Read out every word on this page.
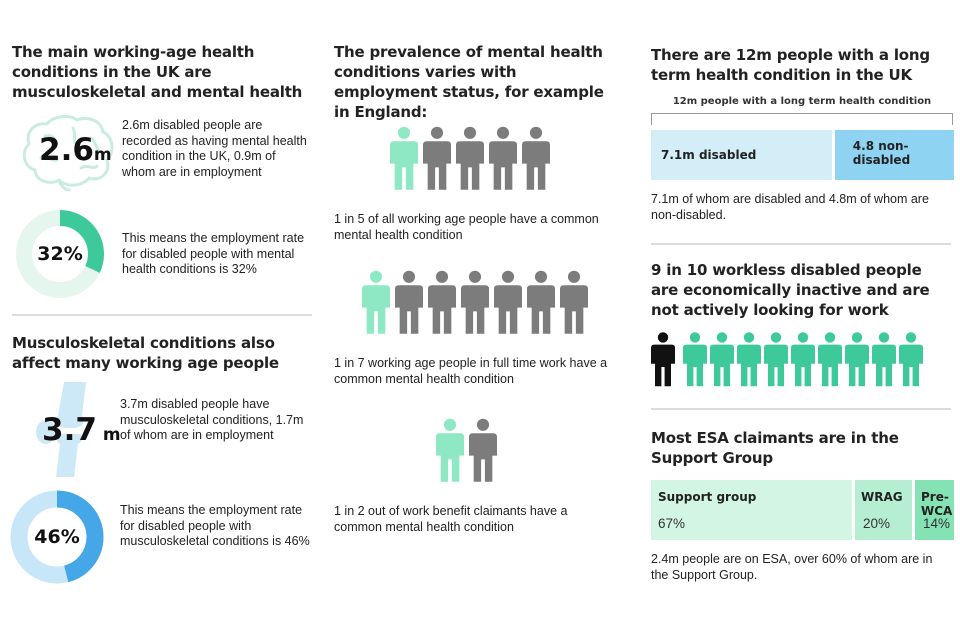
The main working-age health conditions in the UK are musculoskeletal and mental health
2.6m

2.6m disabled people are recorded as having mental health condition in the UK, 0.9m of whom are in employment

32%

This means the employment rate for disabled people with mental health conditions is 32%

Musculoskeletal conditions also affect many working age people
3.7 m

3.7m disabled people have musculoskeletal conditions, 1.7m of whom are in employment

46%

This means the employment rate for disabled people with musculoskeletal conditions is 46%

The prevalence of mental health conditions varies with employment status, for example in England:

1 in 5 of all working age people have a common mental health condition

1 in 7 working age people in full time work have a common mental health condition

1 in 2 out of work benefit claimants have a common mental health condition

There are 12m people with a long term health condition in the UK
12m people with a long term health condition
7.1m disabled
4.8 non-disabled

7.1m of whom are disabled and 4.8m of whom are non-disabled.

9 in 10 workless disabled people are economically inactive and are not actively looking for work
Most ESA claimants are in the Support Group
Support group
67%
WRAG
20%
Pre-WCA
14%

2.4m people are on ESA, over 60% of whom are in the Support Group.
